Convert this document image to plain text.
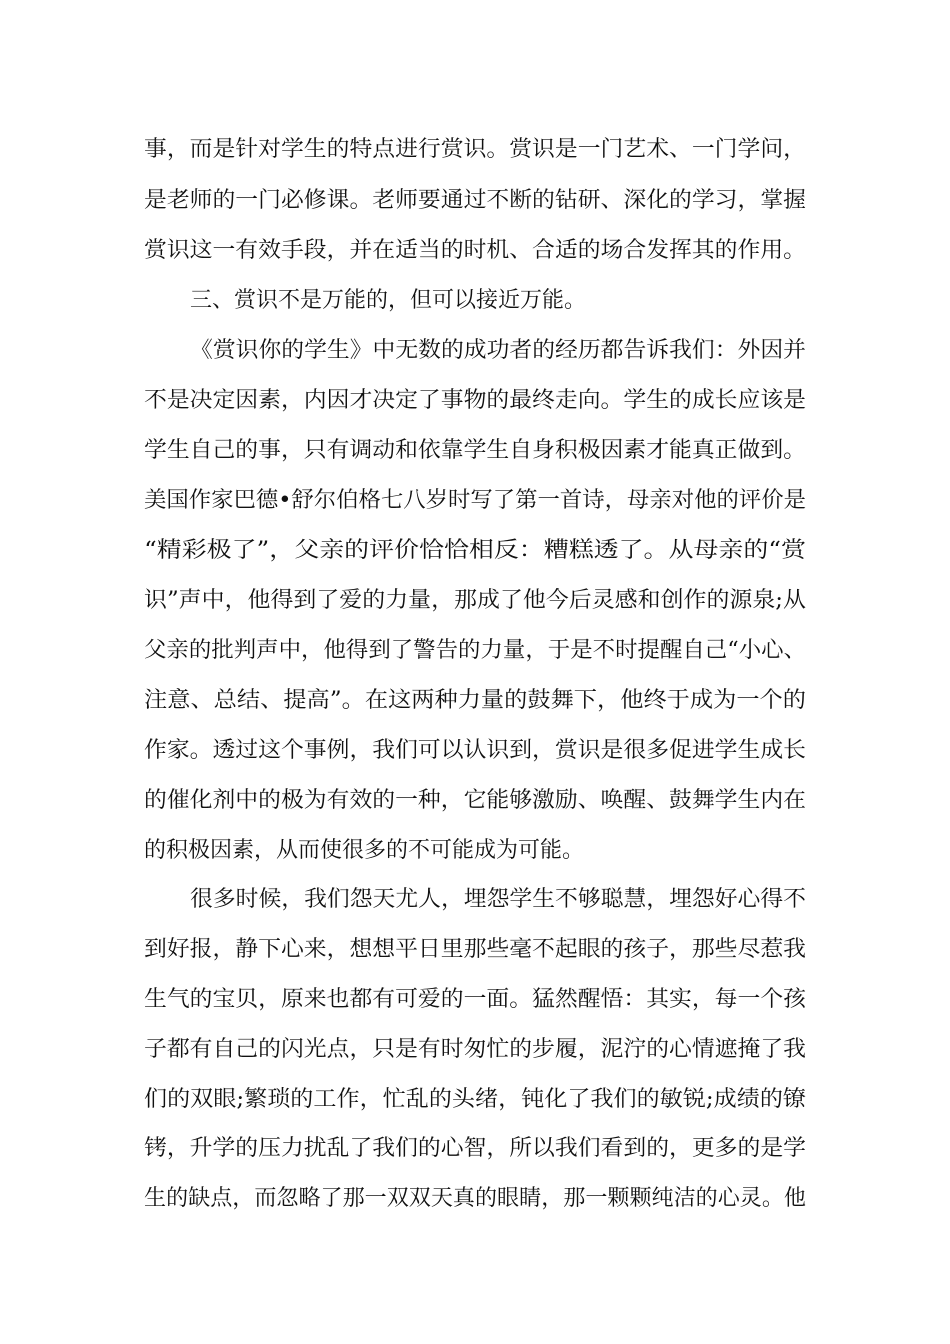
事，而是针对学生的特点进行赏识。赏识是一门艺术、一门学问，
是老师的一门必修课。老师要通过不断的钻研、深化的学习，掌握
赏识这一有效手段，并在适当的时机、合适的场合发挥其的作用。
三、赏识不是万能的，但可以接近万能。
《赏识你的学生》中无数的成功者的经历都告诉我们：外因并
不是决定因素，内因才决定了事物的最终走向。学生的成长应该是
学生自己的事，只有调动和依靠学生自身积极因素才能真正做到。
美国作家巴德•舒尔伯格七八岁时写了第一首诗，母亲对他的评价是
“精彩极了”，父亲的评价恰恰相反：糟糕透了。从母亲的“赏
识”声中，他得到了爱的力量，那成了他今后灵感和创作的源泉;从
父亲的批判声中，他得到了警告的力量，于是不时提醒自己“小心、
注意、总结、提高”。在这两种力量的鼓舞下，他终于成为一个的
作家。透过这个事例，我们可以认识到，赏识是很多促进学生成长
的催化剂中的极为有效的一种，它能够激励、唤醒、鼓舞学生内在
的积极因素，从而使很多的不可能成为可能。
很多时候，我们怨天尤人，埋怨学生不够聪慧，埋怨好心得不
到好报，静下心来，想想平日里那些毫不起眼的孩子，那些尽惹我
生气的宝贝，原来也都有可爱的一面。猛然醒悟：其实，每一个孩
子都有自己的闪光点，只是有时匆忙的步履，泥泞的心情遮掩了我
们的双眼;繁琐的工作，忙乱的头绪，钝化了我们的敏锐;成绩的镣
铐，升学的压力扰乱了我们的心智，所以我们看到的，更多的是学
生的缺点，而忽略了那一双双天真的眼睛，那一颗颗纯洁的心灵。他
